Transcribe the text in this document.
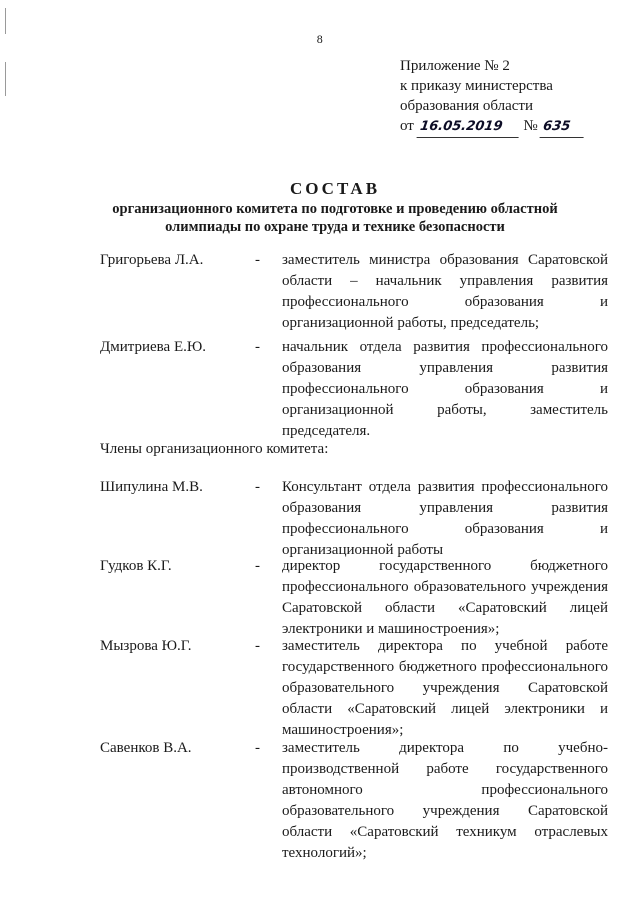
8
Приложение № 2
к приказу министерства
образования области
от 16.05.2019 № 635
СОСТАВ
организационного комитета по подготовке и проведению областной
олимпиады по охране труда и технике безопасности
Григорьева Л.А.	- заместитель министра образования Саратовской области – начальник управления развития профессионального образования и организационной работы, председатель;
Дмитриева Е.Ю.	- начальник отдела развития профессионального образования управления развития профессионального образования и организационной работы, заместитель председателя.
Члены организационного комитета:
Шипулина М.В.	- Консультант отдела развития профессионального образования управления развития профессионального образования и организационной работы
Гудков К.Г.	- директор государственного бюджетного профессионального образовательного учреждения Саратовской области «Саратовский лицей электроники и машиностроения»;
Мызрова Ю.Г.	- заместитель директора по учебной работе государственного бюджетного профессионального образовательного учреждения Саратовской области «Саратовский лицей электроники и машиностроения»;
Савенков В.А.	- заместитель директора по учебно-производственной работе государственного автономного профессионального образовательного учреждения Саратовской области «Саратовский техникум отраслевых технологий»;
